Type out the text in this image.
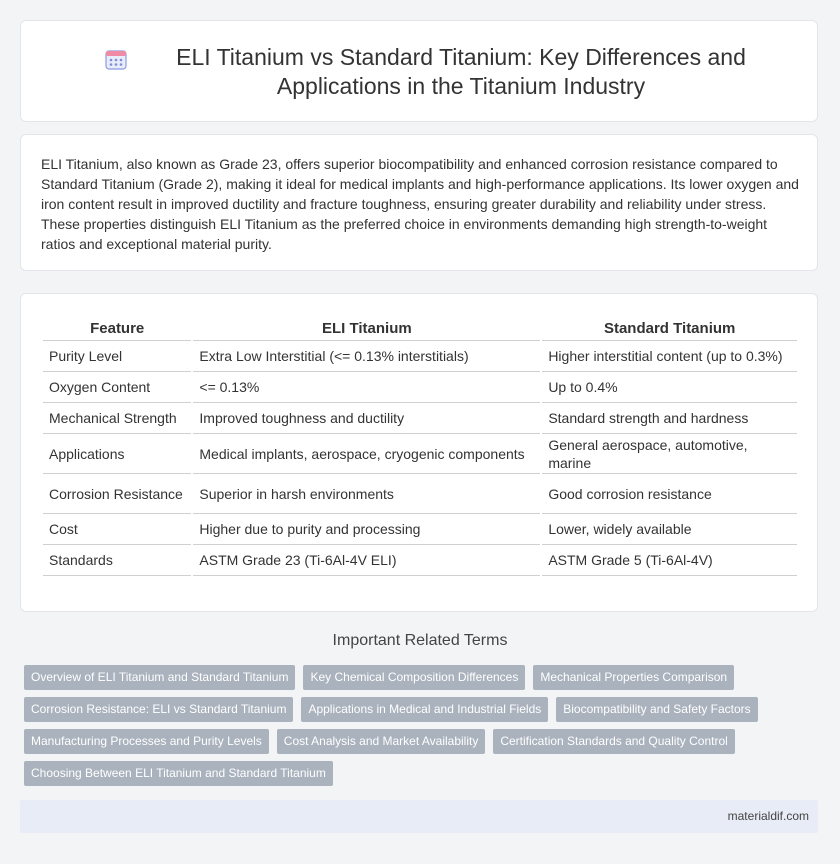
ELI Titanium vs Standard Titanium: Key Differences and Applications in the Titanium Industry

ELI Titanium, also known as Grade 23, offers superior biocompatibility and enhanced corrosion resistance compared to Standard Titanium (Grade 2), making it ideal for medical implants and high-performance applications. Its lower oxygen and iron content result in improved ductility and fracture toughness, ensuring greater durability and reliability under stress. These properties distinguish ELI Titanium as the preferred choice in environments demanding high strength-to-weight ratios and exceptional material purity.

Feature	ELI Titanium	Standard Titanium
Purity Level	Extra Low Interstitial (<= 0.13% interstitials)	Higher interstitial content (up to 0.3%)
Oxygen Content	<= 0.13%	Up to 0.4%
Mechanical Strength	Improved toughness and ductility	Standard strength and hardness
Applications	Medical implants, aerospace, cryogenic components	General aerospace, automotive, marine
Corrosion Resistance	Superior in harsh environments	Good corrosion resistance
Cost	Higher due to purity and processing	Lower, widely available
Standards	ASTM Grade 23 (Ti-6Al-4V ELI)	ASTM Grade 5 (Ti-6Al-4V)
Important Related Terms
Overview of ELI Titanium and Standard Titanium	Key Chemical Composition Differences	Mechanical Properties Comparison
Corrosion Resistance: ELI vs Standard Titanium	Applications in Medical and Industrial Fields	Biocompatibility and Safety Factors
Manufacturing Processes and Purity Levels	Cost Analysis and Market Availability	Certification Standards and Quality Control
Choosing Between ELI Titanium and Standard Titanium
materialdif.com
